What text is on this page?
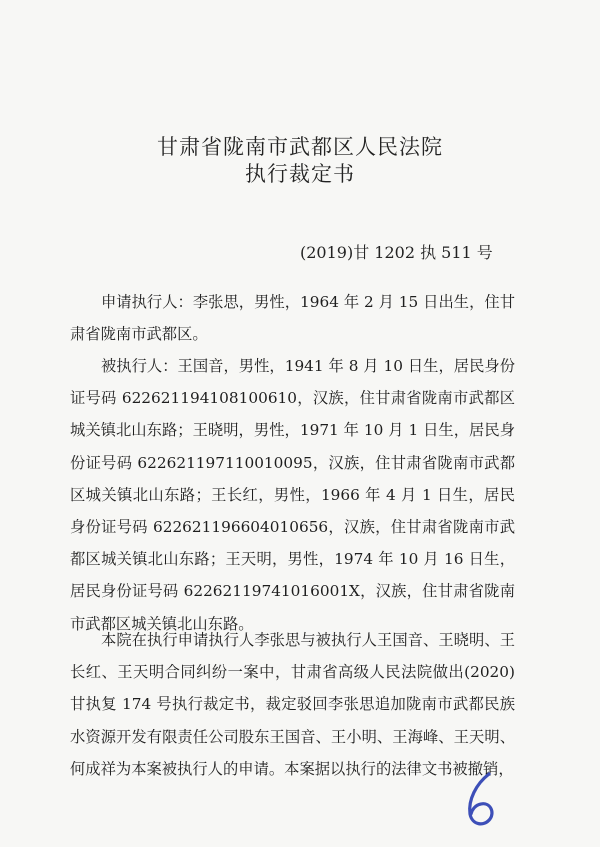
甘肃省陇南市武都区人民法院
执行裁定书
(2019)甘 1202 执 511 号

申请执行人：李张思，男性，1964 年 2 月 15 日出生，住甘肃省陇南市武都区。

被执行人：王国音，男性，1941 年 8 月 10 日生，居民身份证号码 622621194108100610，汉族，住甘肃省陇南市武都区城关镇北山东路；王晓明，男性，1971 年 10 月 1 日生，居民身份证号码 622621197110010095，汉族，住甘肃省陇南市武都区城关镇北山东路；王长红，男性，1966 年 4 月 1 日生，居民身份证号码 622621196604010656，汉族，住甘肃省陇南市武都区城关镇北山东路；王天明，男性，1974 年 10 月 16 日生，居民身份证号码 62262119741016001X，汉族，住甘肃省陇南市武都区城关镇北山东路。

本院在执行申请执行人李张思与被执行人王国音、王晓明、王长红、王天明合同纠纷一案中，甘肃省高级人民法院做出(2020)甘执复 174 号执行裁定书，裁定驳回李张思追加陇南市武都民族水资源开发有限责任公司股东王国音、王小明、王海峰、王天明、何成祥为本案被执行人的申请。本案据以执行的法律文书被撤销，
